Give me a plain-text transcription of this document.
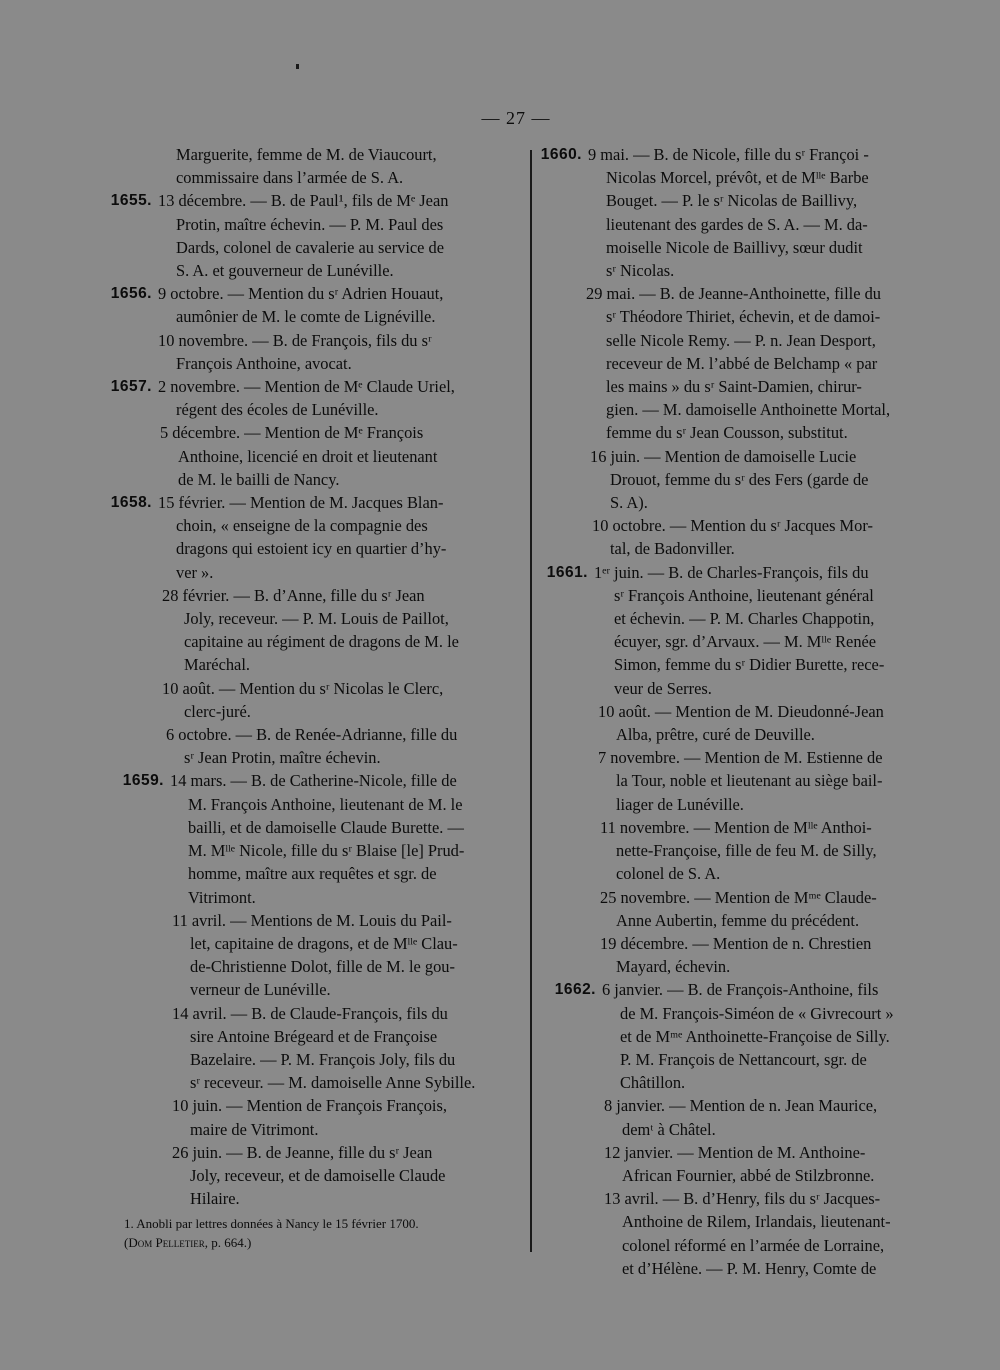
— 27 —
Marguerite, femme de M. de Viaucourt,
commissaire dans l’armée de S. A.
1655. 13 décembre. — B. de Paul¹, fils de Mᵉ Jean
Protin, maître échevin. — P. M. Paul des
Dards, colonel de cavalerie au service de
S. A. et gouverneur de Lunéville.
1656. 9 octobre. — Mention du sʳ Adrien Houaut,
aumônier de M. le comte de Lignéville.
10 novembre. — B. de François, fils du sʳ
François Anthoine, avocat.
1657. 2 novembre. — Mention de Mᵉ Claude Uriel,
régent des écoles de Lunéville.
5 décembre. — Mention de Mᵉ François
Anthoine, licencié en droit et lieutenant
de M. le bailli de Nancy.
1658. 15 février. — Mention de M. Jacques Blan-
choin, « enseigne de la compagnie des
dragons qui estoient icy en quartier d’hy-
ver ».
28 février. — B. d’Anne, fille du sʳ Jean
Joly, receveur. — P. M. Louis de Paillot,
capitaine au régiment de dragons de M. le
Maréchal.
10 août. — Mention du sʳ Nicolas le Clerc,
clerc-juré.
6 octobre. — B. de Renée-Adrianne, fille du
sʳ Jean Protin, maître échevin.
1659. 14 mars. — B. de Catherine-Nicole, fille de
M. François Anthoine, lieutenant de M. le
bailli, et de damoiselle Claude Burette. —
M. Mˡˡᵉ Nicole, fille du sʳ Blaise [le] Prud-
homme, maître aux requêtes et sgr. de
Vitrimont.
11 avril. — Mentions de M. Louis du Pail-
let, capitaine de dragons, et de Mˡˡᵉ Clau-
de-Christienne Dolot, fille de M. le gou-
verneur de Lunéville.
14 avril. — B. de Claude-François, fils du
sire Antoine Brégeard et de Françoise
Bazelaire. — P. M. François Joly, fils du
sʳ receveur. — M. damoiselle Anne Sybille.
10 juin. — Mention de François François,
maire de Vitrimont.
26 juin. — B. de Jeanne, fille du sʳ Jean
Joly, receveur, et de damoiselle Claude
Hilaire.
1660. 9 mai. — B. de Nicole, fille du sʳ Françoi -
Nicolas Morcel, prévôt, et de Mˡˡᵉ Barbe
Bouget. — P. le sʳ Nicolas de Baillivy,
lieutenant des gardes de S. A. — M. da-
moiselle Nicole de Baillivy, sœur dudit
sʳ Nicolas.
29 mai. — B. de Jeanne-Anthoinette, fille du
sʳ Théodore Thiriet, échevin, et de damoi-
selle Nicole Remy. — P. n. Jean Desport,
receveur de M. l’abbé de Belchamp « par
les mains » du sʳ Saint-Damien, chirur-
gien. — M. damoiselle Anthoinette Mortal,
femme du sʳ Jean Cousson, substitut.
16 juin. — Mention de damoiselle Lucie
Drouot, femme du sʳ des Fers (garde de
S. A).
10 octobre. — Mention du sʳ Jacques Mor-
tal, de Badonviller.
1661. 1ᵉʳ juin. — B. de Charles-François, fils du
sʳ François Anthoine, lieutenant général
et échevin. — P. M. Charles Chappotin,
écuyer, sgr. d’Arvaux. — M. Mˡˡᵉ Renée
Simon, femme du sʳ Didier Burette, rece-
veur de Serres.
10 août. — Mention de M. Dieudonné-Jean
Alba, prêtre, curé de Deuville.
7 novembre. — Mention de M. Estienne de
la Tour, noble et lieutenant au siège bail-
liager de Lunéville.
11 novembre. — Mention de Mˡˡᵉ Anthoi-
nette-Françoise, fille de feu M. de Silly,
colonel de S. A.
25 novembre. — Mention de Mᵐᵉ Claude-
Anne Aubertin, femme du précédent.
19 décembre. — Mention de n. Chrestien
Mayard, échevin.
1662. 6 janvier. — B. de François-Anthoine, fils
de M. François-Siméon de « Givrecourt »
et de Mᵐᵉ Anthoinette-Françoise de Silly.
P. M. François de Nettancourt, sgr. de
Châtillon.
8 janvier. — Mention de n. Jean Maurice,
demᵗ à Châtel.
12 janvier. — Mention de M. Anthoine-
African Fournier, abbé de Stilzbronne.
13 avril. — B. d’Henry, fils du sʳ Jacques-
Anthoine de Rilem, Irlandais, lieutenant-
colonel réformé en l’armée de Lorraine,
et d’Hélène. — P. M. Henry, Comte de
1. Anobli par lettres données à Nancy le 15 février 1700.
(Dom Pelletier, p. 664.)
